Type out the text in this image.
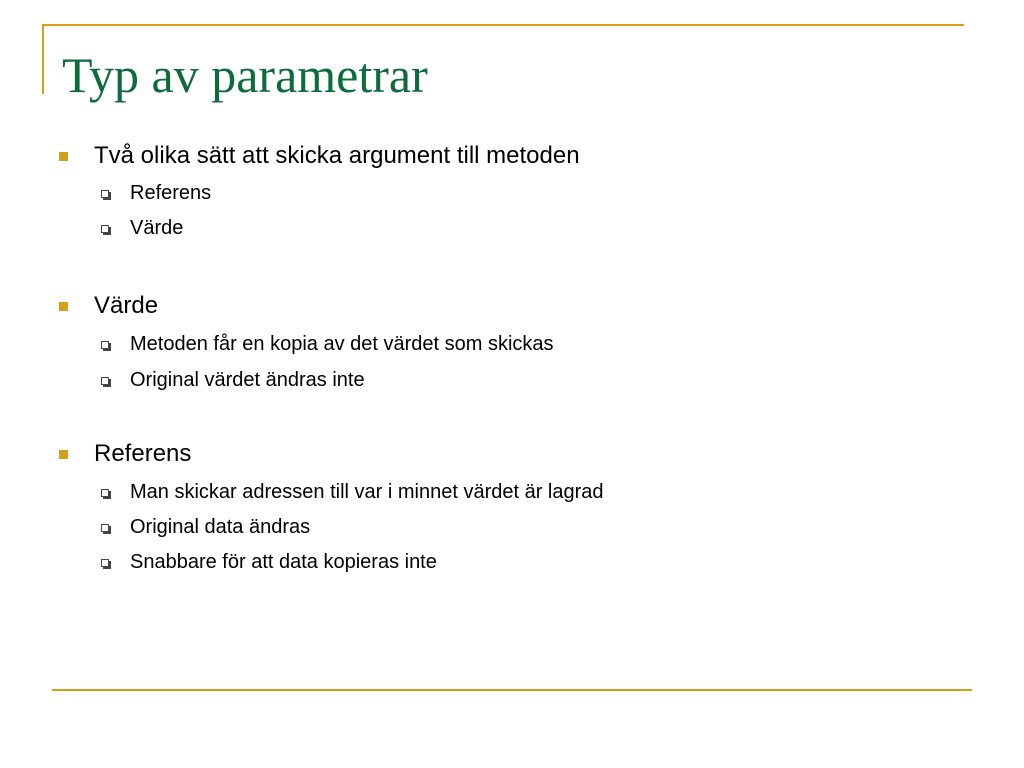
Typ av parametrar
Två olika sätt att skicka argument till metoden
Referens
Värde
Värde
Metoden får en kopia av det värdet som skickas
Original värdet ändras inte
Referens
Man skickar adressen till var i minnet värdet är lagrad
Original data ändras
Snabbare för att data kopieras inte
